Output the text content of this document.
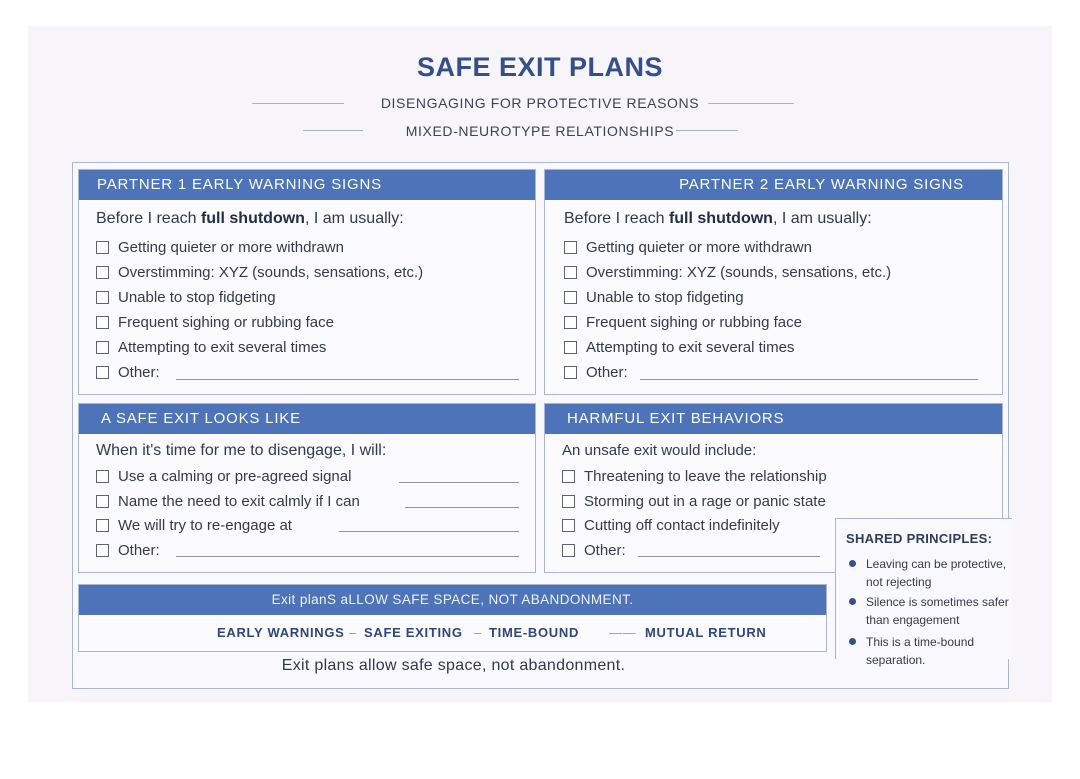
SAFE EXIT PLANS
DISENGAGING FOR PROTECTIVE REASONS
MIXED-NEUROTYPE RELATIONSHIPS
PARTNER 1 EARLY WARNING SIGNS
Before I reach full shutdown, I am usually:
Getting quieter or more withdrawn
Overstimming: XYZ (sounds, sensations, etc.)
Unable to stop fidgeting
Frequent sighing or rubbing face
Attempting to exit several times
Other:
PARTNER 2 EARLY WARNING SIGNS
Before I reach full shutdown, I am usually:
Getting quieter or more withdrawn
Overstimming: XYZ (sounds, sensations, etc.)
Unable to stop fidgeting
Frequent sighing or rubbing face
Attempting to exit several times
Other:
A SAFE EXIT LOOKS LIKE
When it's time for me to disengage, I will:
Use a calming or pre-agreed signal
Name the need to exit calmly if I can
We will try to re-engage at
Other:
HARMFUL EXIT BEHAVIORS
An unsafe exit would include:
Threatening to leave the relationship
Storming out in a rage or panic state
Cutting off contact indefinitely
Other:
SHARED PRINCIPLES:
Leaving can be protective, not rejecting
Silence is sometimes safer than engagement
This is a time-bound separation.
Exit planS aLLOW SAFE SPACE, NOT ABANDONMENT.
EARLY WARNINGS – SAFE EXITING – TIME-BOUND —— MUTUAL RETURN
Exit plans allow safe space, not abandonment.
